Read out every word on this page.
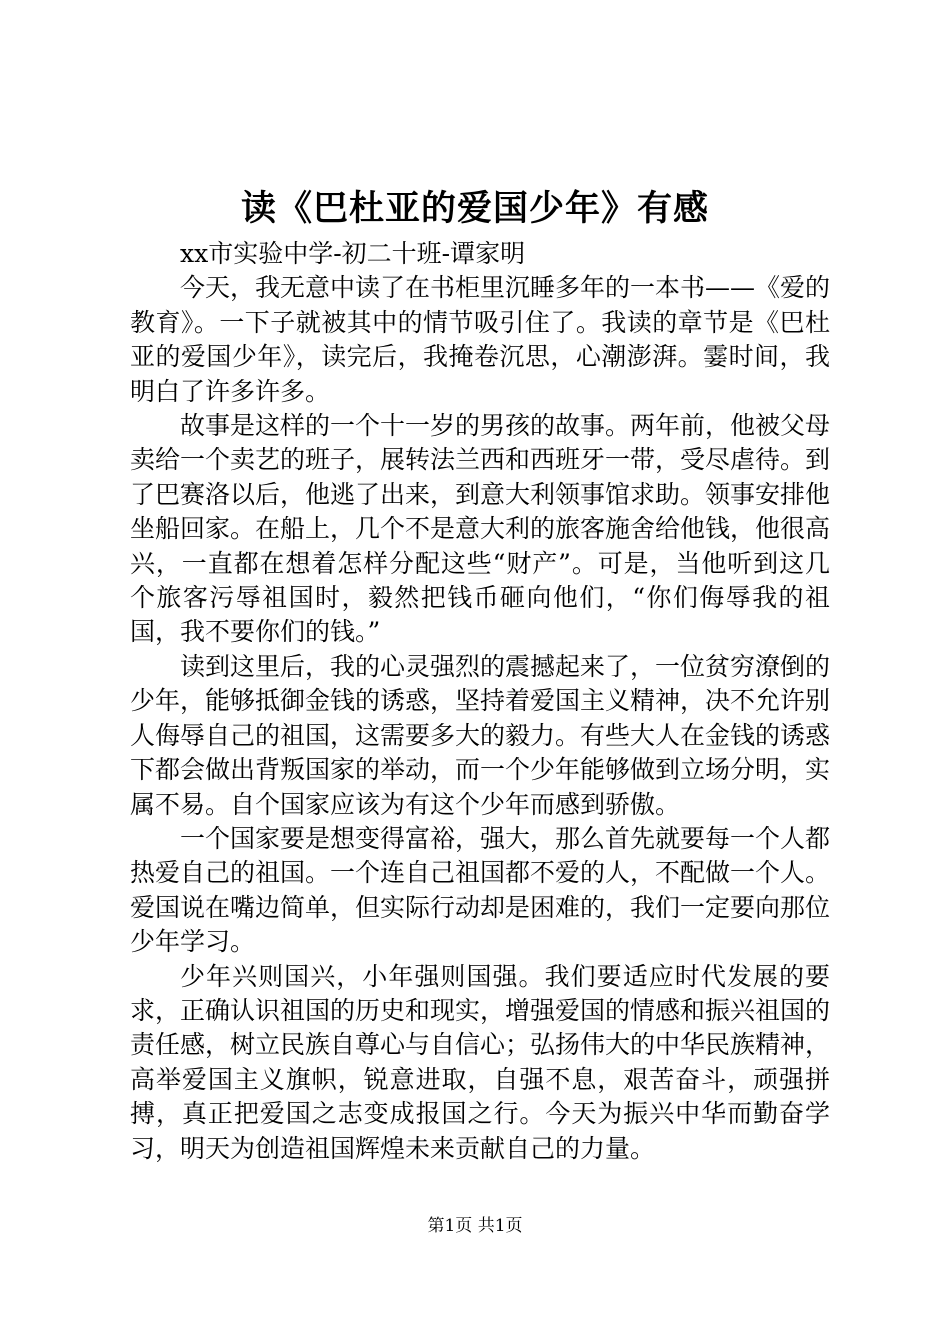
读《巴杜亚的爱国少年》有感

xx市实验中学-初二十班-谭家明

今天，我无意中读了在书柜里沉睡多年的一本书——《爱的教育》。一下子就被其中的情节吸引住了。我读的章节是《巴杜亚的爱国少年》，读完后，我掩卷沉思，心潮澎湃。霎时间，我明白了许多许多。

故事是这样的一个十一岁的男孩的故事。两年前，他被父母卖给一个卖艺的班子，展转法兰西和西班牙一带，受尽虐待。到了巴赛洛以后，他逃了出来，到意大利领事馆求助。领事安排他坐船回家。在船上，几个不是意大利的旅客施舍给他钱，他很高兴，一直都在想着怎样分配这些“财产”。可是，当他听到这几个旅客污辱祖国时，毅然把钱币砸向他们，“你们侮辱我的祖国，我不要你们的钱。”

读到这里后，我的心灵强烈的震撼起来了，一位贫穷潦倒的少年，能够抵御金钱的诱惑，坚持着爱国主义精神，决不允许别人侮辱自己的祖国，这需要多大的毅力。有些大人在金钱的诱惑下都会做出背叛国家的举动，而一个少年能够做到立场分明，实属不易。自个国家应该为有这个少年而感到骄傲。

一个国家要是想变得富裕，强大，那么首先就要每一个人都热爱自己的祖国。一个连自己祖国都不爱的人，不配做一个人。爱国说在嘴边简单，但实际行动却是困难的，我们一定要向那位少年学习。

少年兴则国兴，小年强则国强。我们要适应时代发展的要求，正确认识祖国的历史和现实，增强爱国的情感和振兴祖国的责任感，树立民族自尊心与自信心；弘扬伟大的中华民族精神，高举爱国主义旗帜，锐意进取，自强不息，艰苦奋斗，顽强拼搏，真正把爱国之志变成报国之行。今天为振兴中华而勤奋学习，明天为创造祖国辉煌未来贡献自己的力量。

第1页 共1页
